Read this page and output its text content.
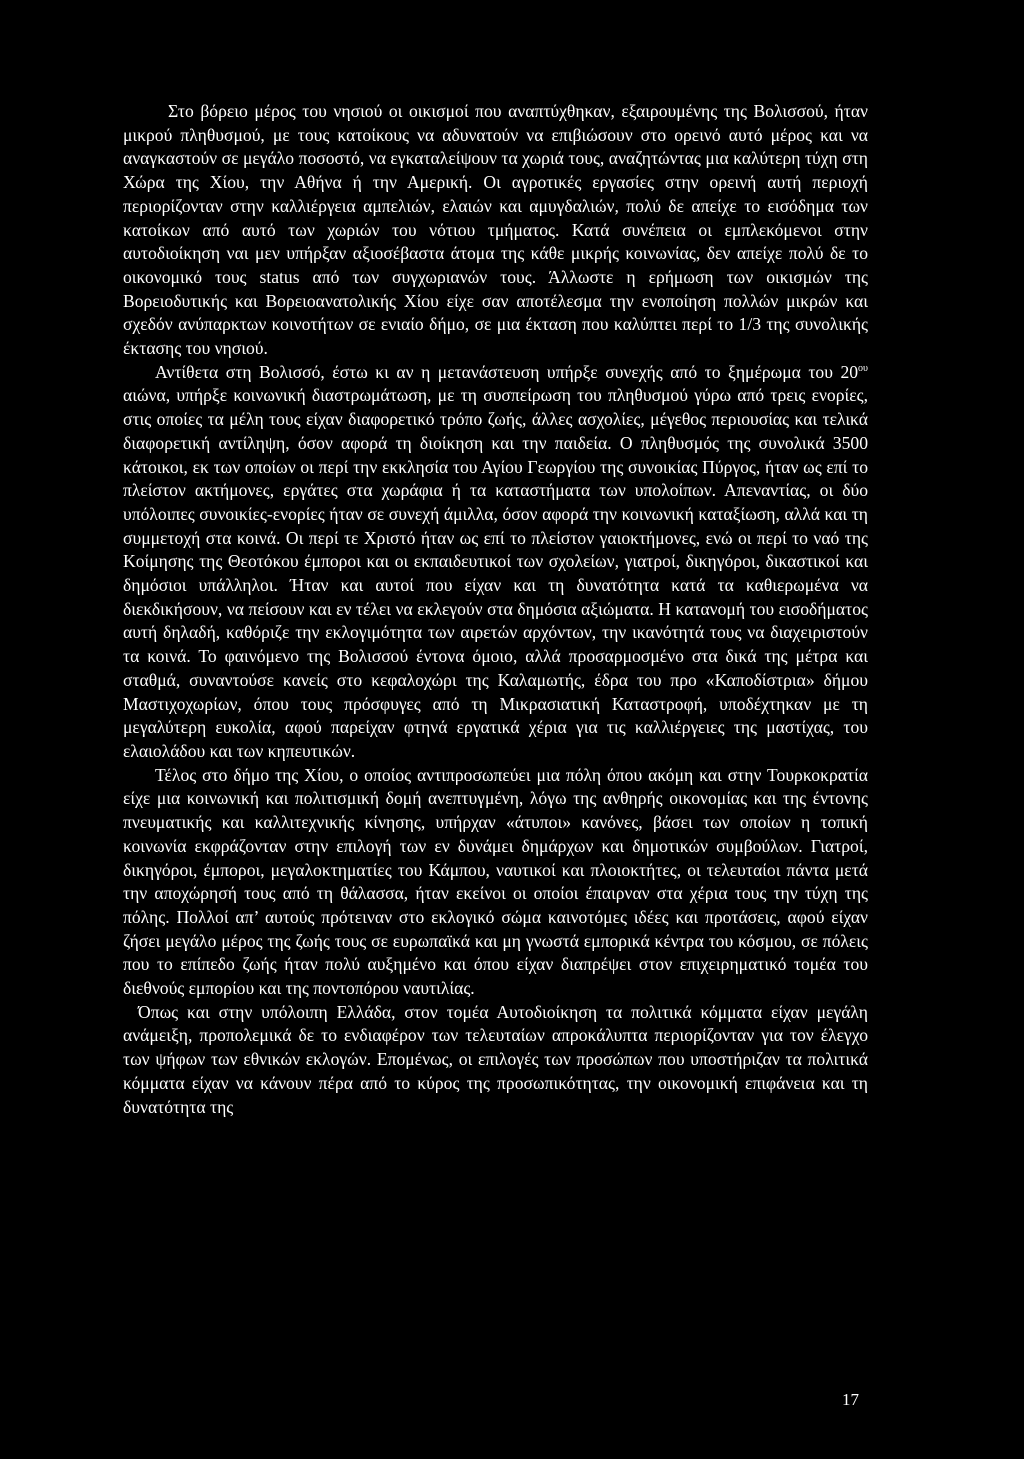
Στο βόρειο μέρος του νησιού οι οικισμοί που αναπτύχθηκαν, εξαιρουμένης της Βολισσού, ήταν μικρού πληθυσμού, με τους κατοίκους να αδυνατούν να επιβιώσουν στο ορεινό αυτό μέρος και να αναγκαστούν σε μεγάλο ποσοστό, να εγκαταλείψουν τα χωριά τους, αναζητώντας μια καλύτερη τύχη στη Χώρα της Χίου, την Αθήνα ή την Αμερική. Οι αγροτικές εργασίες στην ορεινή αυτή περιοχή περιορίζονταν στην καλλιέργεια αμπελιών, ελαιών και αμυγδαλιών, πολύ δε απείχε το εισόδημα των κατοίκων από αυτό των χωριών του νότιου τμήματος. Κατά συνέπεια οι εμπλεκόμενοι στην αυτοδιοίκηση ναι μεν υπήρξαν αξιοσέβαστα άτομα της κάθε μικρής κοινωνίας, δεν απείχε πολύ δε το οικονομικό τους status από των συγχωριανών τους. Άλλωστε η ερήμωση των οικισμών της Βορειοδυτικής και Βορειοανατολικής Χίου είχε σαν αποτέλεσμα την ενοποίηση πολλών μικρών και σχεδόν ανύπαρκτων κοινοτήτων σε ενιαίο δήμο, σε μια έκταση που καλύπτει περί το 1/3 της συνολικής έκτασης του νησιού.

Αντίθετα στη Βολισσό, έστω κι αν η μετανάστευση υπήρξε συνεχής από το ξημέρωμα του $20^{o\upsilon}$ αιώνα, υπήρξε κοινωνική διαστρωμάτωση, με τη συσπείρωση του πληθυσμού γύρω από τρεις ενορίες, στις οποίες τα μέλη τους είχαν διαφορετικό τρόπο ζωής, άλλες ασχολίες, μέγεθος περιουσίας και τελικά διαφορετική αντίληψη, όσον αφορά τη διοίκηση και την παιδεία. Ο πληθυσμός της συνολικά 3500 κάτοικοι, εκ των οποίων οι περί την εκκλησία του Αγίου Γεωργίου της συνοικίας Πύργος, ήταν ως επί το πλείστον ακτήμονες, εργάτες στα χωράφια ή τα καταστήματα των υπολοίπων. Απεναντίας, οι δύο υπόλοιπες συνοικίες-ενορίες ήταν σε συνεχή άμιλλα, όσον αφορά την κοινωνική καταξίωση, αλλά και τη συμμετοχή στα κοινά. Οι περί τε Χριστό ήταν ως επί το πλείστον γαιοκτήμονες, ενώ οι περί το ναό της Κοίμησης της Θεοτόκου έμποροι και οι εκπαιδευτικοί των σχολείων, γιατροί, δικηγόροι, δικαστικοί και δημόσιοι υπάλληλοι. Ήταν και αυτοί που είχαν και τη δυνατότητα κατά τα καθιερωμένα να διεκδικήσουν, να πείσουν και εν τέλει να εκλεγούν στα δημόσια αξιώματα. Η κατανομή του εισοδήματος αυτή δηλαδή, καθόριζε την εκλογιμότητα των αιρετών αρχόντων, την ικανότητά τους να διαχειριστούν τα κοινά. Το φαινόμενο της Βολισσού έντονα όμοιο, αλλά προσαρμοσμένο στα δικά της μέτρα και σταθμά, συναντούσε κανείς στο κεφαλοχώρι της Καλαμωτής, έδρα του προ «Καποδίστρια» δήμου Μαστιχοχωρίων, όπου τους πρόσφυγες από τη Μικρασιατική Καταστροφή, υποδέχτηκαν με τη μεγαλύτερη ευκολία, αφού παρείχαν φτηνά εργατικά χέρια για τις καλλιέργειες της μαστίχας, του ελαιολάδου και των κηπευτικών.

Τέλος στο δήμο της Χίου, ο οποίος αντιπροσωπεύει μια πόλη όπου ακόμη και στην Τουρκοκρατία είχε μια κοινωνική και πολιτισμική δομή ανεπτυγμένη, λόγω της ανθηρής οικονομίας και της έντονης πνευματικής και καλλιτεχνικής κίνησης, υπήρχαν «άτυποι» κανόνες, βάσει των οποίων η τοπική κοινωνία εκφράζονταν στην επιλογή των εν δυνάμει δημάρχων και δημοτικών συμβούλων. Γιατροί, δικηγόροι, έμποροι, μεγαλοκτηματίες του Κάμπου, ναυτικοί και πλοιοκτήτες, οι τελευταίοι πάντα μετά την αποχώρησή τους από τη θάλασσα, ήταν εκείνοι οι οποίοι έπαιρναν στα χέρια τους την τύχη της πόλης. Πολλοί απ’ αυτούς πρότειναν στο εκλογικό σώμα καινοτόμες ιδέες και προτάσεις, αφού είχαν ζήσει μεγάλο μέρος της ζωής τους σε ευρωπαϊκά και μη γνωστά εμπορικά κέντρα του κόσμου, σε πόλεις που το επίπεδο ζωής ήταν πολύ αυξημένο και όπου είχαν διαπρέψει στον επιχειρηματικό τομέα του διεθνούς εμπορίου και της ποντοπόρου ναυτιλίας.

Όπως και στην υπόλοιπη Ελλάδα, στον τομέα Αυτοδιοίκηση τα πολιτικά κόμματα είχαν μεγάλη ανάμειξη, προπολεμικά δε το ενδιαφέρον των τελευταίων απροκάλυπτα περιορίζονταν για τον έλεγχο των ψήφων των εθνικών εκλογών. Επομένως, οι επιλογές των προσώπων που υποστήριζαν τα πολιτικά κόμματα είχαν να κάνουν πέρα από το κύρος της προσωπικότητας, την οικονομική επιφάνεια και τη δυνατότητα της

17
